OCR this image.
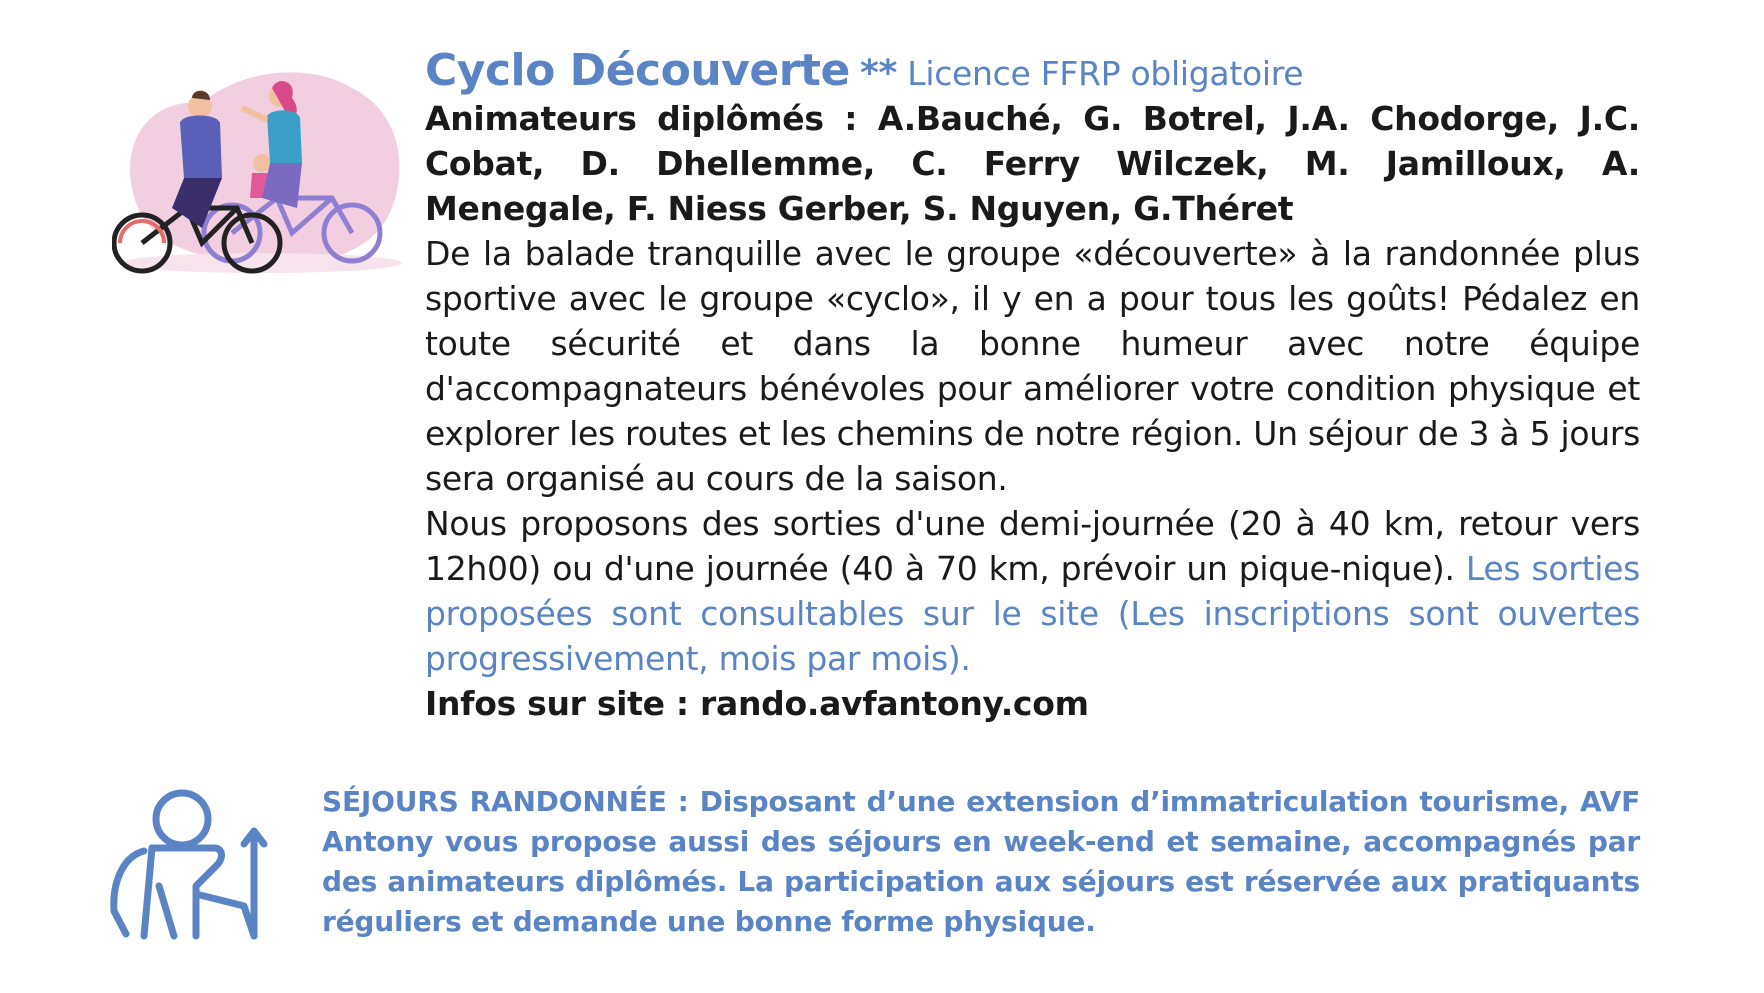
Cyclo Découverte ** Licence FFRP obligatoire
Animateurs diplômés : A.Bauché, G. Botrel, J.A. Chodorge, J.C. Cobat, D. Dhellemme, C. Ferry Wilczek, M. Jamilloux, A. Menegale, F. Niess Gerber, S. Nguyen, G.Théret
De la balade tranquille avec le groupe «découverte» à la randonnée plus sportive avec le groupe «cyclo», il y en a pour tous les goûts! Pédalez en toute sécurité et dans la bonne humeur avec notre équipe d'accompagnateurs bénévoles pour améliorer votre condition physique et explorer les routes et les chemins de notre région. Un séjour de 3 à 5 jours sera organisé au cours de la saison.
Nous proposons des sorties d'une demi-journée (20 à 40 km, retour vers 12h00) ou d'une journée (40 à 70 km, prévoir un pique-nique). Les sorties proposées sont consultables sur le site (Les inscriptions sont ouvertes progressivement, mois par mois).
Infos sur site : rando.avfantony.com
SÉJOURS RANDONNÉE : Disposant d’une extension d’immatriculation tourisme, AVF Antony vous propose aussi des séjours en week-end et semaine, accompagnés par des animateurs diplômés. La participation aux séjours est réservée aux pratiquants réguliers et demande une bonne forme physique.
